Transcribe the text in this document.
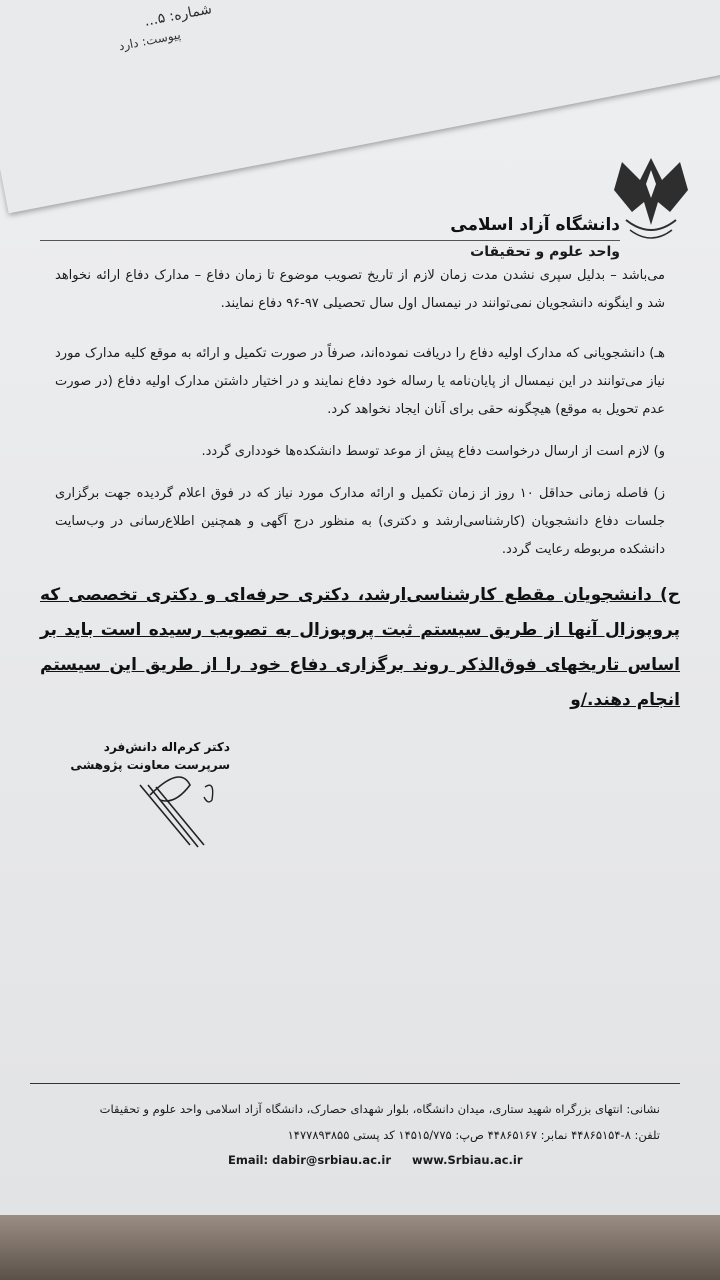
دانشگاه آزاد اسلامی
واحد علوم و تحقیقات
می‌باشد – بدلیل سپری نشدن مدت زمان لازم از تاریخ تصویب موضوع تا زمان دفاع – مدارک دفاع ارائه نخواهد شد و اینگونه دانشجویان نمی‌توانند در نیمسال اول سال تحصیلی ۹۷-۹۶ دفاع نمایند.
هـ) دانشجویانی که مدارک اولیه دفاع را دریافت نموده‌اند، صرفاً در صورت تکمیل و ارائه به موقع کلیه مدارک مورد نیاز می‌توانند در این نیمسال از پایان‌نامه یا رساله خود دفاع نمایند و در اختیار داشتن مدارک اولیه دفاع (در صورت عدم تحویل به موقع) هیچگونه حقی برای آنان ایجاد نخواهد کرد.
و) لازم است از ارسال درخواست دفاع پیش از موعد توسط دانشکده‌ها خودداری گردد.
ز) فاصله زمانی حداقل ۱۰ روز از زمان تکمیل و ارائه مدارک مورد نیاز که در فوق اعلام گردیده جهت برگزاری جلسات دفاع دانشجویان (کارشناسی‌ارشد و دکتری) به منظور درج آگهی و همچنین اطلاع‌رسانی در وب‌سایت دانشکده مربوطه رعایت گردد.
ح) دانشجویان مقطع کارشناسی‌ارشد، دکتری حرفه‌ای و دکتری تخصصی که پروپوزال آنها از طریق سیستم ثبت پروپوزال به تصویب رسیده است باید بر اساس تاریخهای فوق‌الذکر روند برگزاری دفاع خود را از طریق این سیستم انجام دهند./و
دکتر کرم‌اله دانش‌فرد
سرپرست معاونت پژوهشی
نشانی: انتهای بزرگراه شهید ستاری، میدان دانشگاه، بلوار شهدای حصارک، دانشگاه آزاد اسلامی واحد علوم و تحقیقات
تلفن: ۸-۴۴۸۶۵۱۵۴ نمابر: ۴۴۸۶۵۱۶۷ ص‌پ: ۱۴۵۱۵/۷۷۵ کد پستی ۱۴۷۷۸۹۳۸۵۵
Email: dabir@srbiau.ac.ir www.Srbiau.ac.ir
شماره: ۵...
پیوست: دارد
